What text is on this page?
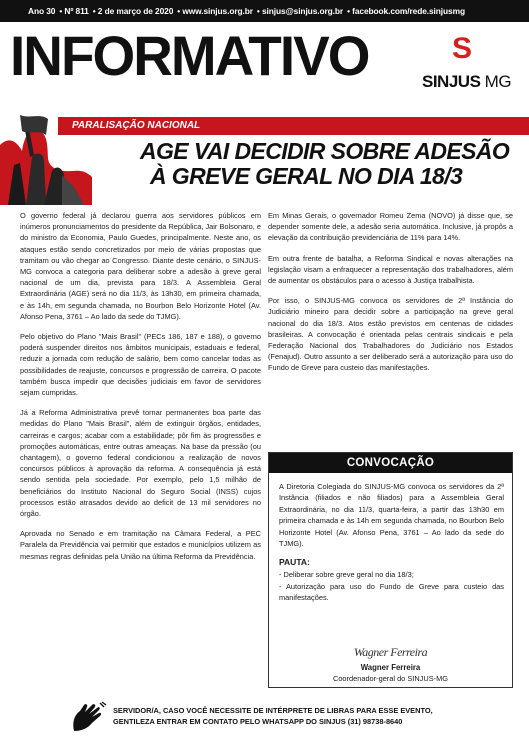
Ano 30 • Nº 811 • 2 de março de 2020 • www.sinjus.org.br • sinjus@sinjus.org.br • facebook.com/rede.sinjusmg
INFORMATIVO	S
SINJUS MG
PARALISAÇÃO NACIONAL
AGE VAI DECIDIR SOBRE ADESÃO
À GREVE GERAL NO DIA 18/3

O governo federal já declarou guerra aos servidores públicos em inúmeros pronunciamentos do presidente da República, Jair Bolsonaro, e do ministro da Economia, Paulo Guedes, principalmente. Neste ano, os ataques estão sendo concretizados por meio de várias propostas que tramitam ou vão chegar ao Congresso. Diante deste cenário, o SINJUS-MG convoca a categoria para deliberar sobre a adesão à greve geral nacional de um dia, prevista para 18/3. A Assembleia Geral Extraordinária (AGE) será no dia 11/3, às 13h30, em primeira chamada, e às 14h, em segunda chamada, no Bourbon Belo Horizonte Hotel (Av. Afonso Pena, 3761 – Ao lado da sede do TJMG).

Pelo objetivo do Plano "Mais Brasil" (PECs 186, 187 e 188), o governo poderá suspender direitos nos âmbitos municipais, estaduais e federal, reduzir a jornada com redução de salário, bem como cancelar todas as possibilidades de reajuste, concursos e progressão de carreira. O pacote também busca impedir que decisões judiciais em favor de servidores sejam cumpridas.

Já a Reforma Administrativa prevê tornar permanentes boa parte das medidas do Plano "Mais Brasil", além de extinguir órgãos, entidades, carreiras e cargos; acabar com a estabilidade; pôr fim às progressões e promoções automáticas, entre outras ameaças. Na base da pressão (ou chantagem), o governo federal condicionou a realização de novos concursos públicos à aprovação da reforma. A consequência já está sendo sentida pela sociedade. Por exemplo, pelo 1,5 milhão de beneficiários do Instituto Nacional do Seguro Social (INSS) cujos processos estão atrasados devido ao deficit de 13 mil servidores no órgão.

Aprovada no Senado e em tramitação na Câmara Federal, a PEC Paralela da Previdência vai permitir que estados e municípios utilizem as mesmas regras definidas pela União na última Reforma da Previdência.

Em Minas Gerais, o governador Romeu Zema (NOVO) já disse que, se depender somente dele, a adesão seria automática. Inclusive, já propôs a elevação da contribuição previdenciária de 11% para 14%.

Em outra frente de batalha, a Reforma Sindical e novas alterações na legislação visam a enfraquecer a representação dos trabalhadores, além de aumentar os obstáculos para o acesso à Justiça trabalhista.

Por isso, o SINJUS-MG convoca os servidores de 2ª Instância do Judiciário mineiro para decidir sobre a participação na greve geral nacional do dia 18/3. Atos estão previstos em centenas de cidades brasileiras. A convocação é orientada pelas centrais sindicais e pela Federação Nacional dos Trabalhadores do Judiciário nos Estados (Fenajud). Outro assunto a ser deliberado será a autorização para uso do Fundo de Greve para custeio das manifestações.

CONVOCAÇÃO
A Diretoria Colegiada do SINJUS-MG convoca os servidores da 2ª Instância (filiados e não filiados) para a Assembleia Geral Extraordinária, no dia 11/3, quarta-feira, a partir das 13h30 em primeira chamada e às 14h em segunda chamada, no Bourbon Belo Horizonte Hotel (Av. Afonso Pena, 3761 – Ao lado da sede do TJMG).
PAUTA:
- Deliberar sobre greve geral no dia 18/3;
- Autorização para uso do Fundo de Greve para custeio das manifestações.
Wagner Ferreira
Wagner Ferreira
Coordenador-geral do SINJUS-MG
SERVIDOR/A, CASO VOCÊ NECESSITE DE INTÉRPRETE DE LIBRAS PARA ESSE EVENTO,
GENTILEZA ENTRAR EM CONTATO PELO WHATSAPP DO SINJUS (31) 98738-8640
